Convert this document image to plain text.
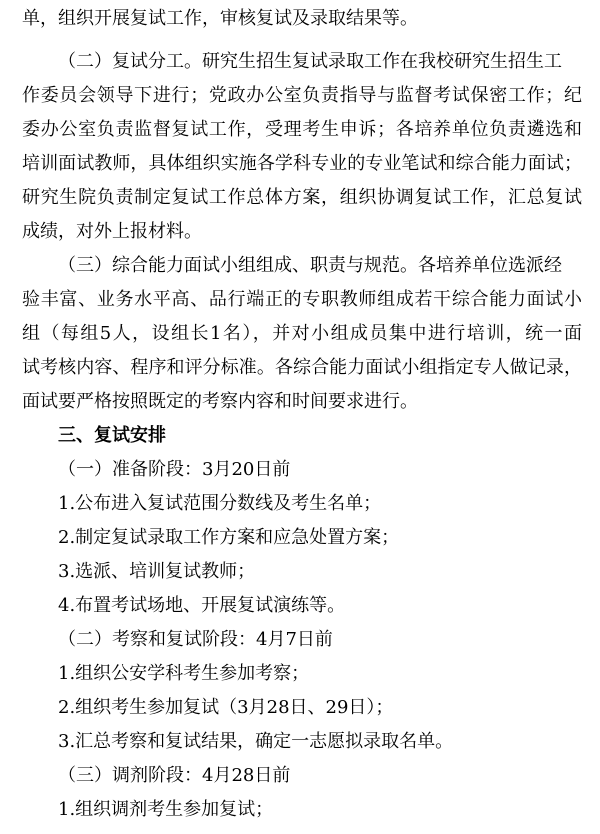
单，组织开展复试工作，审核复试及录取结果等。
（二）复试分工。研究生招生复试录取工作在我校研究生招生工
作委员会领导下进行；党政办公室负责指导与监督考试保密工作；纪
委办公室负责监督复试工作，受理考生申诉；各培养单位负责遴选和
培训面试教师，具体组织实施各学科专业的专业笔试和综合能力面试；
研究生院负责制定复试工作总体方案，组织协调复试工作，汇总复试
成绩，对外上报材料。
（三）综合能力面试小组组成、职责与规范。各培养单位选派经
验丰富、业务水平高、品行端正的专职教师组成若干综合能力面试小
组（每组5人，设组长1名），并对小组成员集中进行培训，统一面
试考核内容、程序和评分标准。各综合能力面试小组指定专人做记录，
面试要严格按照既定的考察内容和时间要求进行。
三、复试安排
（一）准备阶段：3月20日前
1.公布进入复试范围分数线及考生名单；
2.制定复试录取工作方案和应急处置方案；
3.选派、培训复试教师；
4.布置考试场地、开展复试演练等。
（二）考察和复试阶段：4月7日前
1.组织公安学科考生参加考察；
2.组织考生参加复试（3月28日、29日）；
3.汇总考察和复试结果，确定一志愿拟录取名单。
（三）调剂阶段：4月28日前
1.组织调剂考生参加复试；
